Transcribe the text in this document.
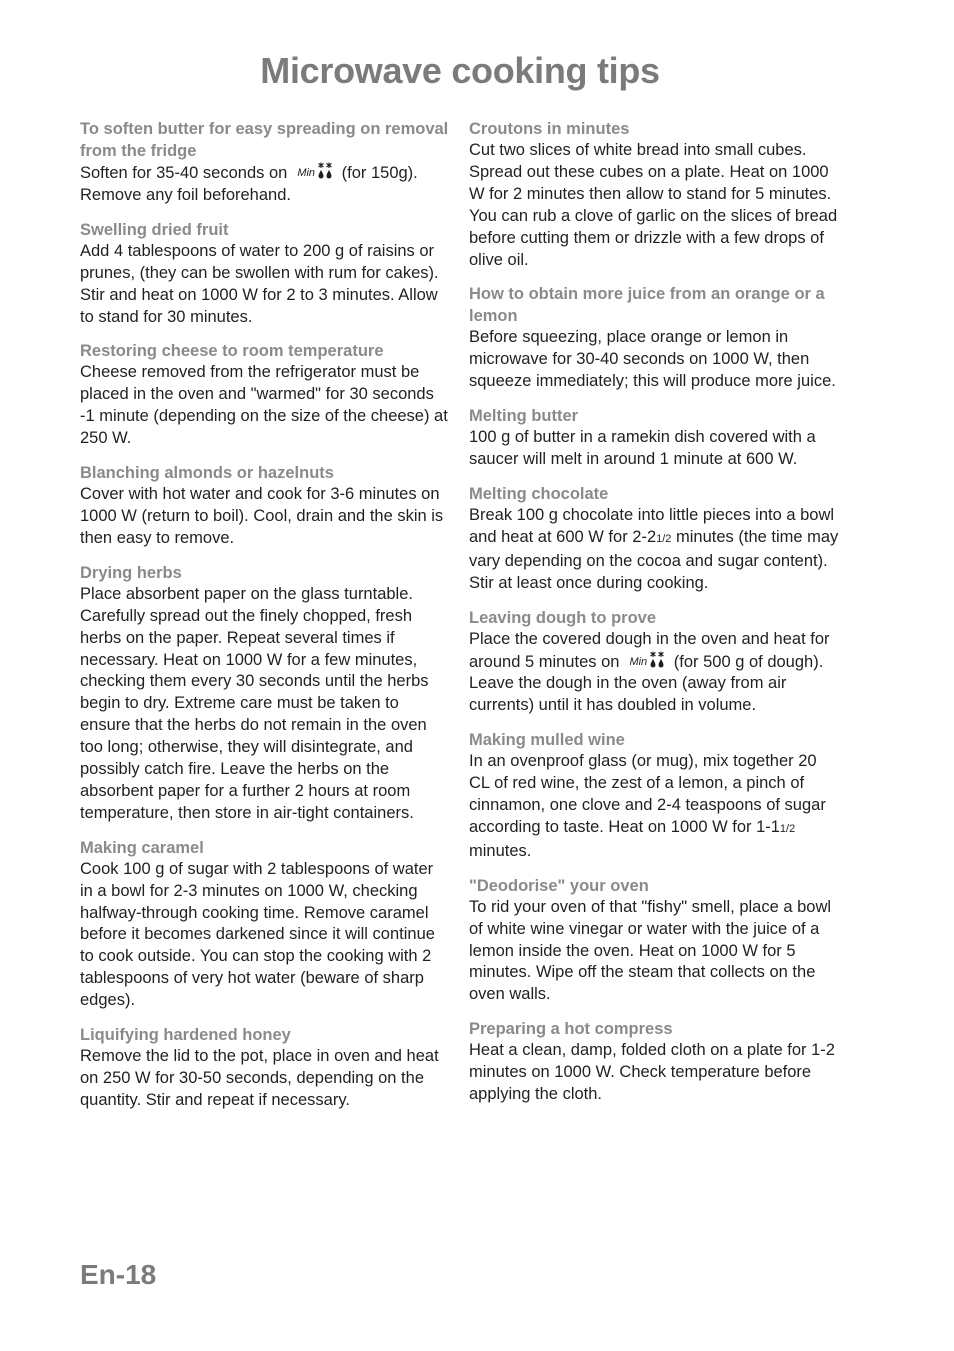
Microwave cooking tips
To soften butter for easy spreading on removal from the fridge

Soften for 35-40 seconds on Min (for 150g). Remove any foil beforehand.

Swelling dried fruit

Add 4 tablespoons of water to 200 g of raisins or prunes, (they can be swollen with rum for cakes). Stir and heat on 1000 W for 2 to 3 minutes. Allow to stand for 30 minutes.

Restoring cheese to room temperature

Cheese removed from the refrigerator must be placed in the oven and "warmed" for 30 seconds -1 minute (depending on the size of the cheese) at 250 W.

Blanching almonds or hazelnuts

Cover with hot water and cook for 3-6 minutes on 1000 W (return to boil). Cool, drain and the skin is then easy to remove.

Drying herbs

Place absorbent paper on the glass turntable. Carefully spread out the finely chopped, fresh herbs on the paper. Repeat several times if necessary. Heat on 1000 W for a few minutes, checking them every 30 seconds until the herbs begin to dry. Extreme care must be taken to ensure that the herbs do not remain in the oven too long; otherwise, they will disintegrate, and possibly catch fire. Leave the herbs on the absorbent paper for a further 2 hours at room temperature, then store in air-tight containers.

Making caramel

Cook 100 g of sugar with 2 tablespoons of water in a bowl for 2-3 minutes on 1000 W, checking halfway-through cooking time. Remove caramel before it becomes darkened since it will continue to cook outside. You can stop the cooking with 2 tablespoons of very hot water (beware of sharp edges).

Liquifying hardened honey

Remove the lid to the pot, place in oven and heat on 250 W for 30-50 seconds, depending on the quantity. Stir and repeat if necessary.

Croutons in minutes

Cut two slices of white bread into small cubes. Spread out these cubes on a plate. Heat on 1000 W for 2 minutes then allow to stand for 5 minutes. You can rub a clove of garlic on the slices of bread before cutting them or drizzle with a few drops of olive oil.

How to obtain more juice from an orange or a lemon

Before squeezing, place orange or lemon in microwave for 30-40 seconds on 1000 W, then squeeze immediately; this will produce more juice.

Melting butter

100 g of butter in a ramekin dish covered with a saucer will melt in around 1 minute at 600 W.

Melting chocolate

Break 100 g chocolate into little pieces into a bowl and heat at 600 W for 2-21/2 minutes (the time may vary depending on the cocoa and sugar content). Stir at least once during cooking.

Leaving dough to prove

Place the covered dough in the oven and heat for around 5 minutes on Min (for 500 g of dough). Leave the dough in the oven (away from air currents) until it has doubled in volume.

Making mulled wine

In an ovenproof glass (or mug), mix together 20 CL of red wine, the zest of a lemon, a pinch of cinnamon, one clove and 2-4 teaspoons of sugar according to taste. Heat on 1000 W for 1-11/2 minutes.

"Deodorise" your oven

To rid your oven of that "fishy" smell, place a bowl of white wine vinegar or water with the juice of a lemon inside the oven. Heat on 1000 W for 5 minutes. Wipe off the steam that collects on the oven walls.

Preparing a hot compress

Heat a clean, damp, folded cloth on a plate for 1-2 minutes on 1000 W. Check temperature before applying the cloth.

En-18
